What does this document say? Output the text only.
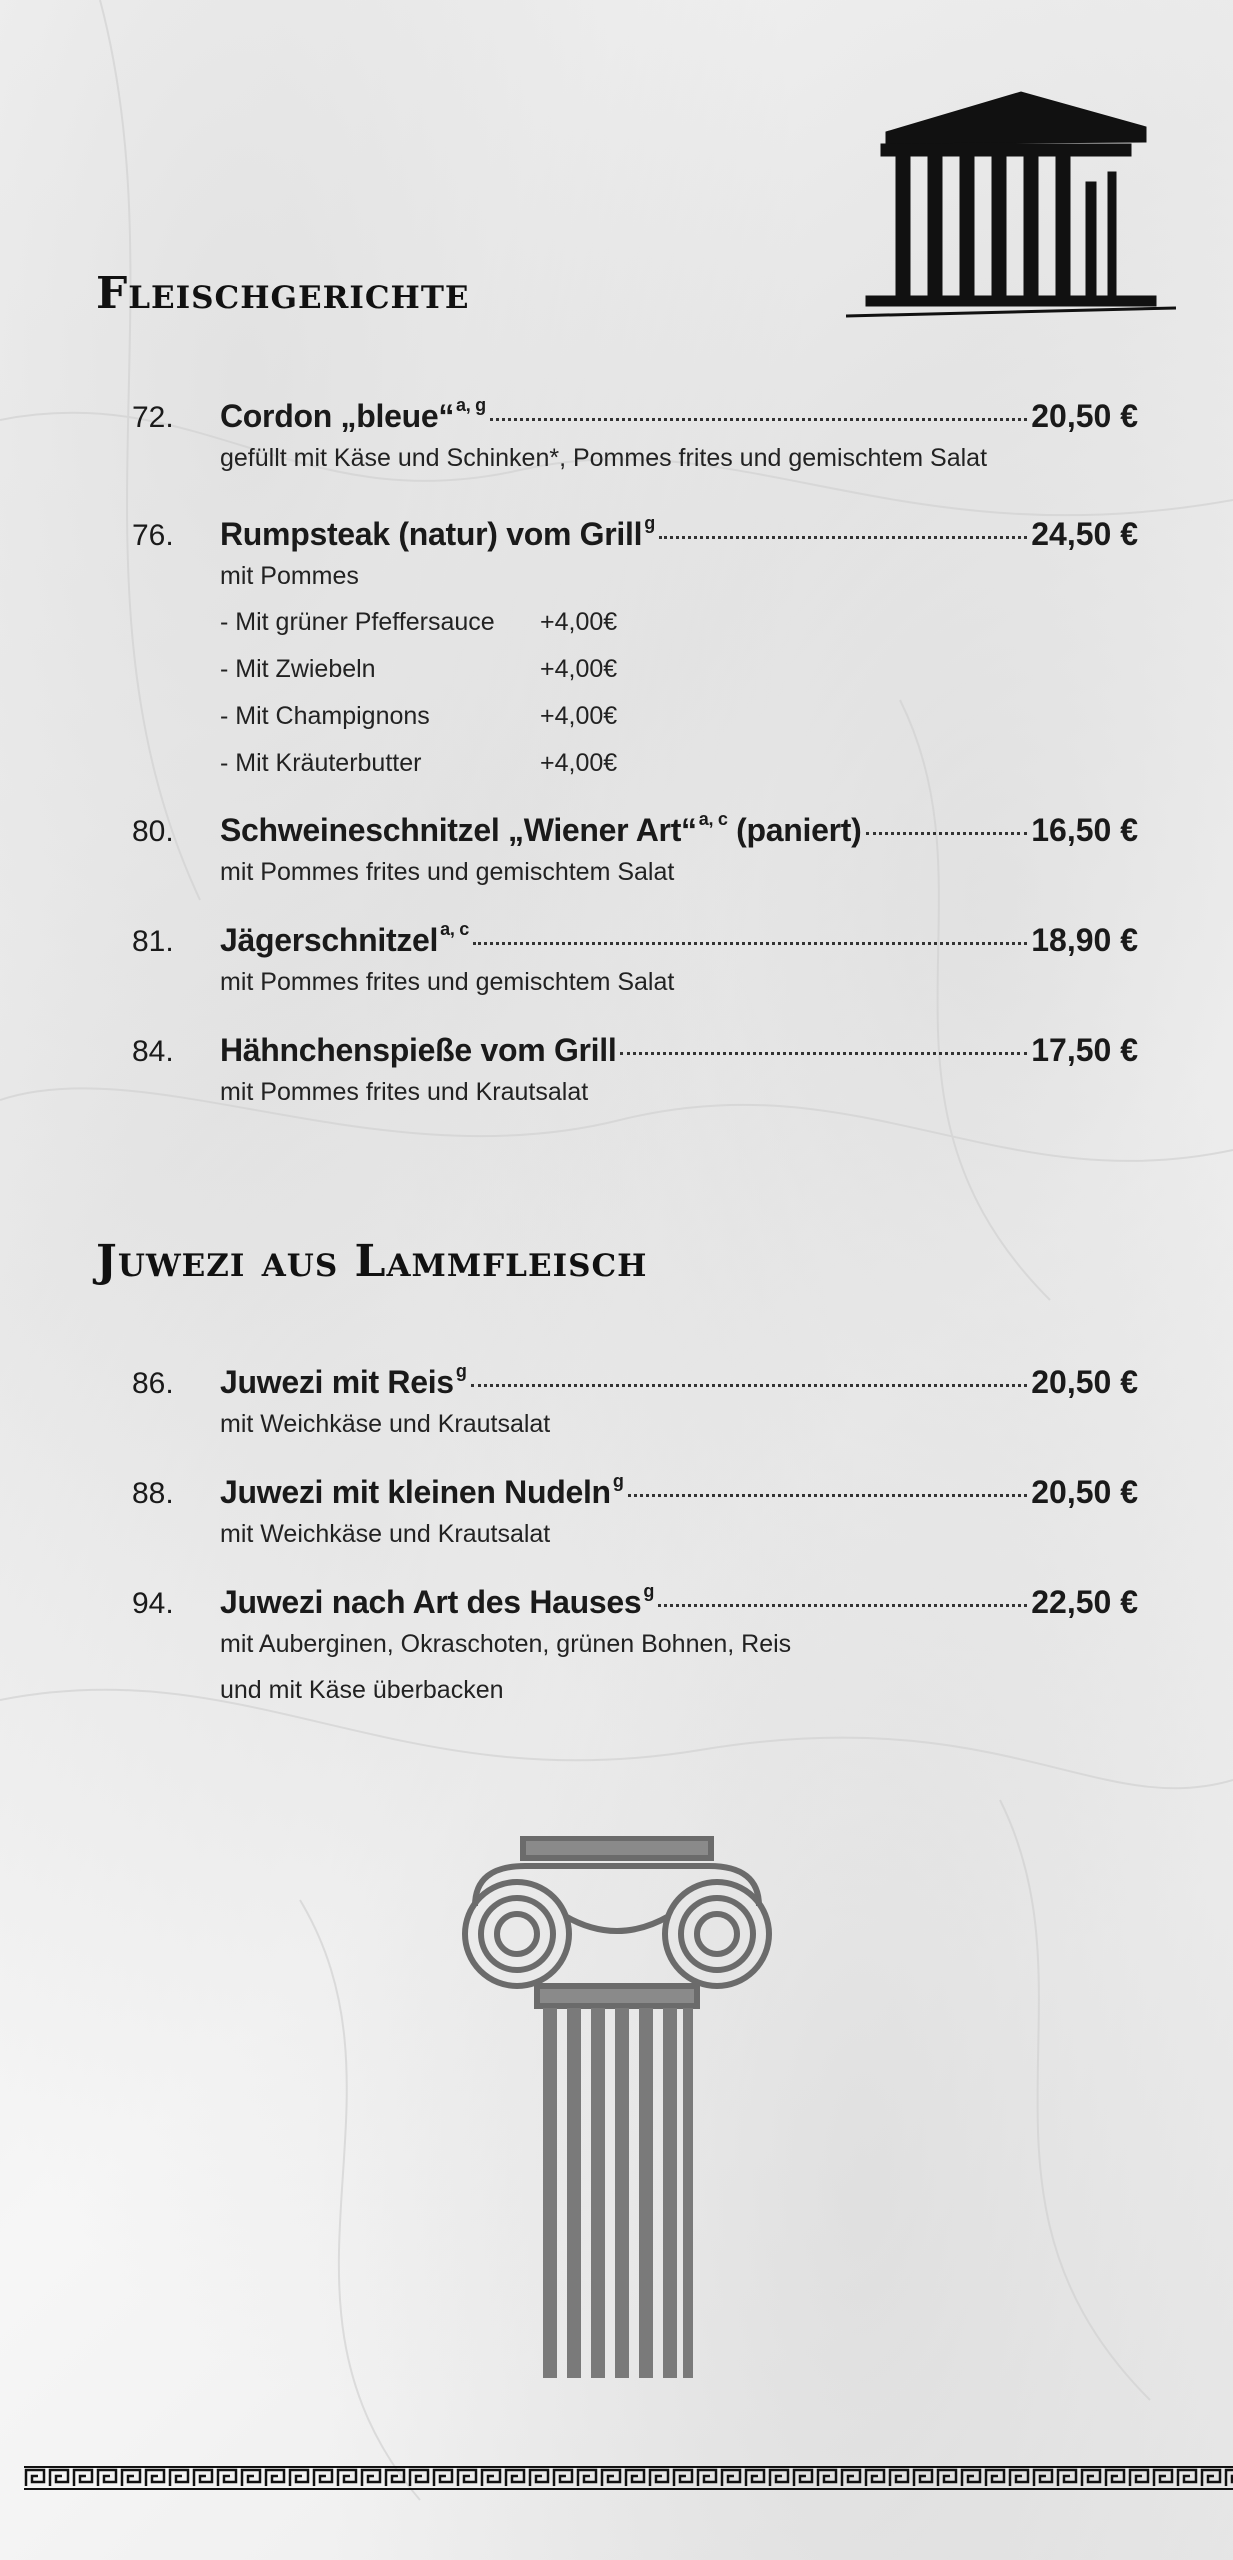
Fleischgerichte
72.	Cordon „bleue“ $^{a, g}$	20,50 €
gefüllt mit Käse und Schinken*, Pommes frites und gemischtem Salat
76.	Rumpsteak (natur) vom Grill $^g$	24,50 €
mit Pommes
- Mit grüner Pfeffersauce	+4,00€
- Mit Zwiebeln	+4,00€
- Mit Champignons	+4,00€
- Mit Kräuterbutter	+4,00€
80.	Schweineschnitzel „Wiener Art“ $^{a, c}$ (paniert)	16,50 €
mit Pommes frites und gemischtem Salat
81.	Jägerschnitzel $^{a, c}$	18,90 €
mit Pommes frites und gemischtem Salat
84.	Hähnchenspieße vom Grill	17,50 €
mit Pommes frites und Krautsalat
Juwezi aus Lammfleisch
86.	Juwezi mit Reis $^g$	20,50 €
mit Weichkäse und Krautsalat
88.	Juwezi mit kleinen Nudeln $^g$	20,50 €
mit Weichkäse und Krautsalat
94.	Juwezi nach Art des Hauses $^g$	22,50 €
mit Auberginen, Okraschoten, grünen Bohnen, Reis
und mit Käse überbacken
